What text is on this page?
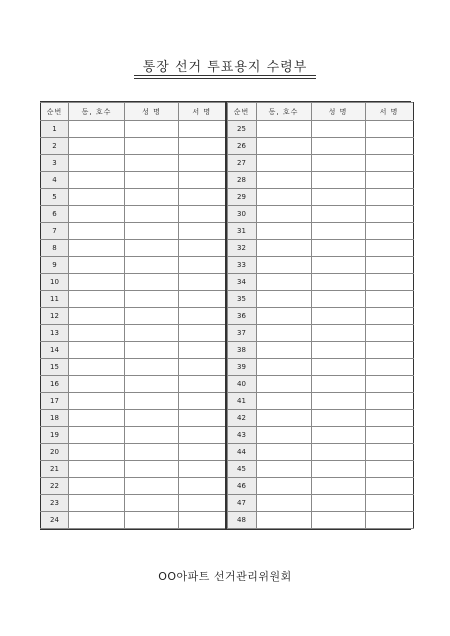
통장 선거 투표용지 수령부
순번	동, 호수	성 명	서 명
1			
2			
3			
4			
5			
6			
7			
8			
9			
10			
11			
12			
13			
14			
15			
16			
17			
18			
19			
20			
21			
22			
23			
24			
순번	동, 호수	성 명	서 명
25			
26			
27			
28			
29			
30			
31			
32			
33			
34			
35			
36			
37			
38			
39			
40			
41			
42			
43			
44			
45			
46			
47			
48			
OO아파트 선거관리위원회
